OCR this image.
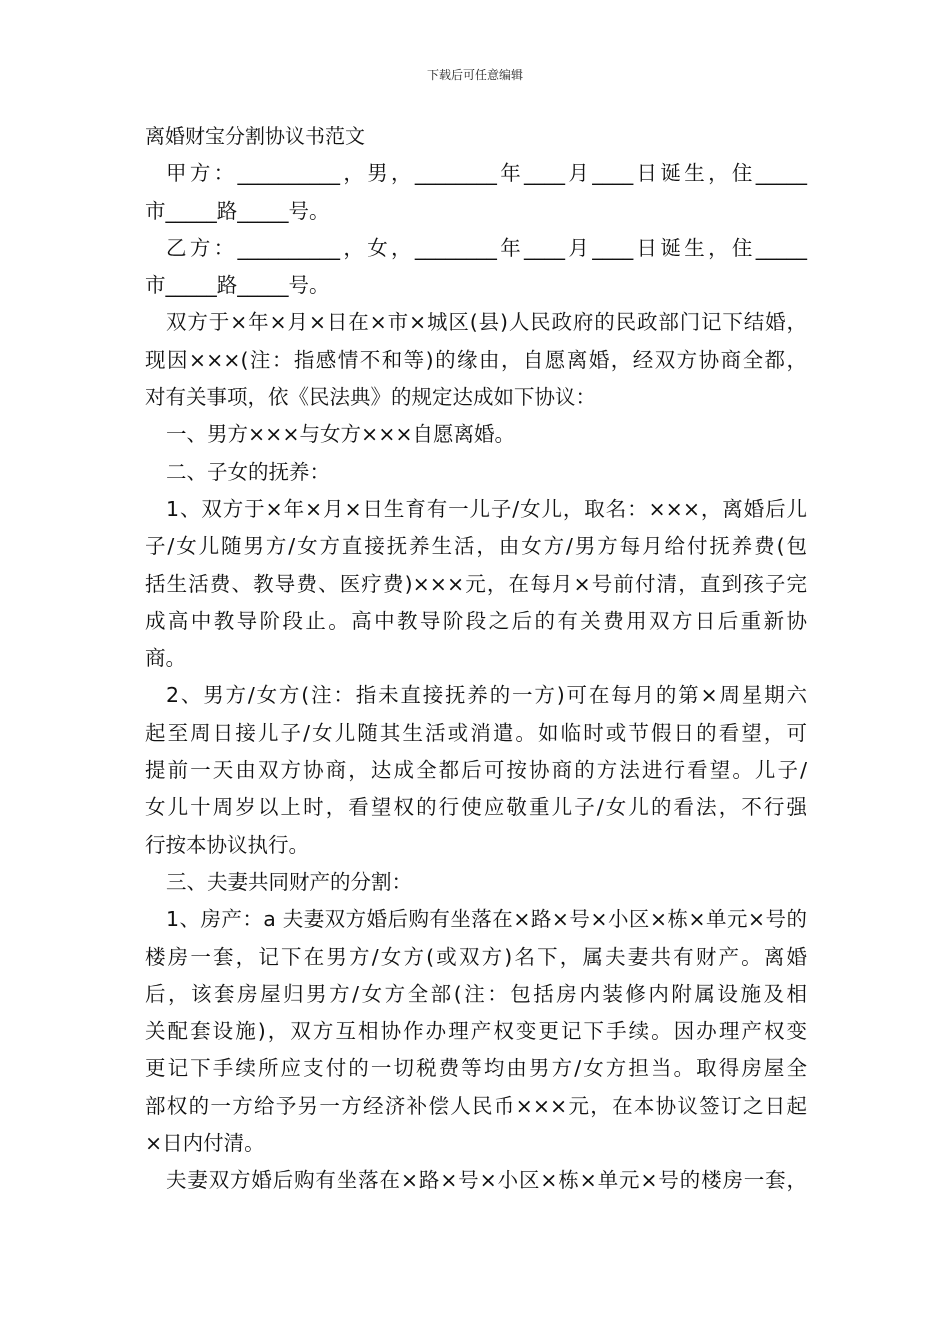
下载后可任意编辑

离婚财宝分割协议书范文

甲方：__________，男，________年____月____日诞生，住_____

市_____路_____号。

乙方：__________，女，________年____月____日诞生，住_____

市_____路_____号。

双方于×年×月×日在×市×城区(县)人民政府的民政部门记下结婚，

现因×××(注：指感情不和等)的缘由，自愿离婚，经双方协商全都，

对有关事项，依《民法典》的规定达成如下协议：

一、男方×××与女方×××自愿离婚。

二、子女的抚养：

1、双方于×年×月×日生育有一儿子/女儿，取名：×××，离婚后儿

子/女儿随男方/女方直接抚养生活，由女方/男方每月给付抚养费(包

括生活费、教导费、医疗费)×××元，在每月×号前付清，直到孩子完

成高中教导阶段止。高中教导阶段之后的有关费用双方日后重新协

商。

2、男方/女方(注：指未直接抚养的一方)可在每月的第×周星期六

起至周日接儿子/女儿随其生活或消遣。如临时或节假日的看望，可

提前一天由双方协商，达成全都后可按协商的方法进行看望。儿子/

女儿十周岁以上时，看望权的行使应敬重儿子/女儿的看法，不行强

行按本协议执行。

三、夫妻共同财产的分割：

1、房产：a 夫妻双方婚后购有坐落在×路×号×小区×栋×单元×号的

楼房一套，记下在男方/女方(或双方)名下，属夫妻共有财产。离婚

后，该套房屋归男方/女方全部(注：包括房内装修内附属设施及相

关配套设施)，双方互相协作办理产权变更记下手续。因办理产权变

更记下手续所应支付的一切税费等均由男方/女方担当。取得房屋全

部权的一方给予另一方经济补偿人民币×××元，在本协议签订之日起

×日内付清。

夫妻双方婚后购有坐落在×路×号×小区×栋×单元×号的楼房一套，
